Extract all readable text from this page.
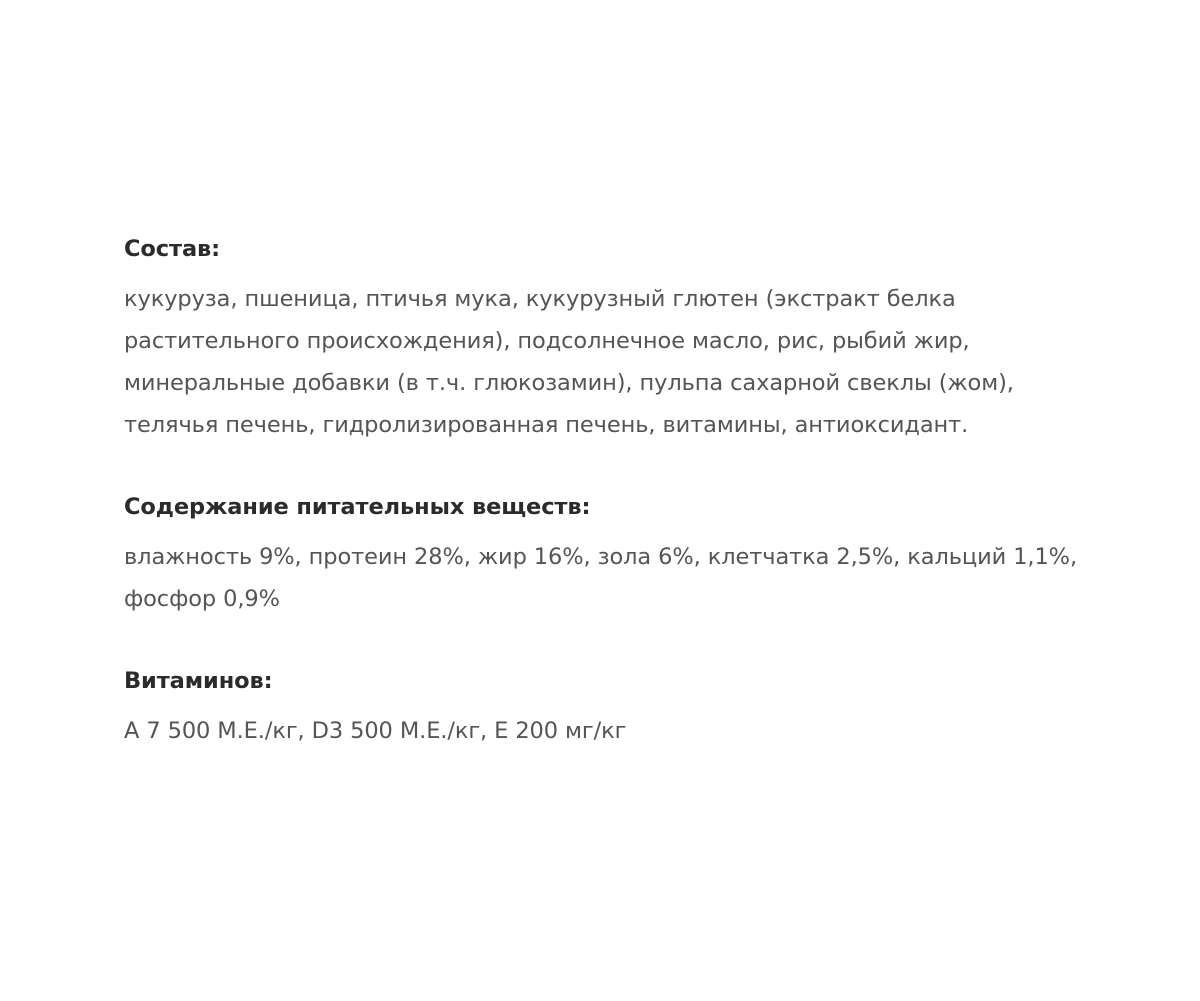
Состав:

кукуруза, пшеница, птичья мука, кукурузный глютен (экстракт белка
растительного происхождения), подсолнечное масло, рис, рыбий жир,
минеральные добавки (в т.ч. глюкозамин), пульпа сахарной свеклы (жом),
телячья печень, гидролизированная печень, витамины, антиоксидант.

Содержание питательных веществ:

влажность 9%, протеин 28%, жир 16%, зола 6%, клетчатка 2,5%, кальций 1,1%,
фосфор 0,9%

Витаминов:

А 7 500 М.Е./кг, D3 500 М.Е./кг, Е 200 мг/кг
